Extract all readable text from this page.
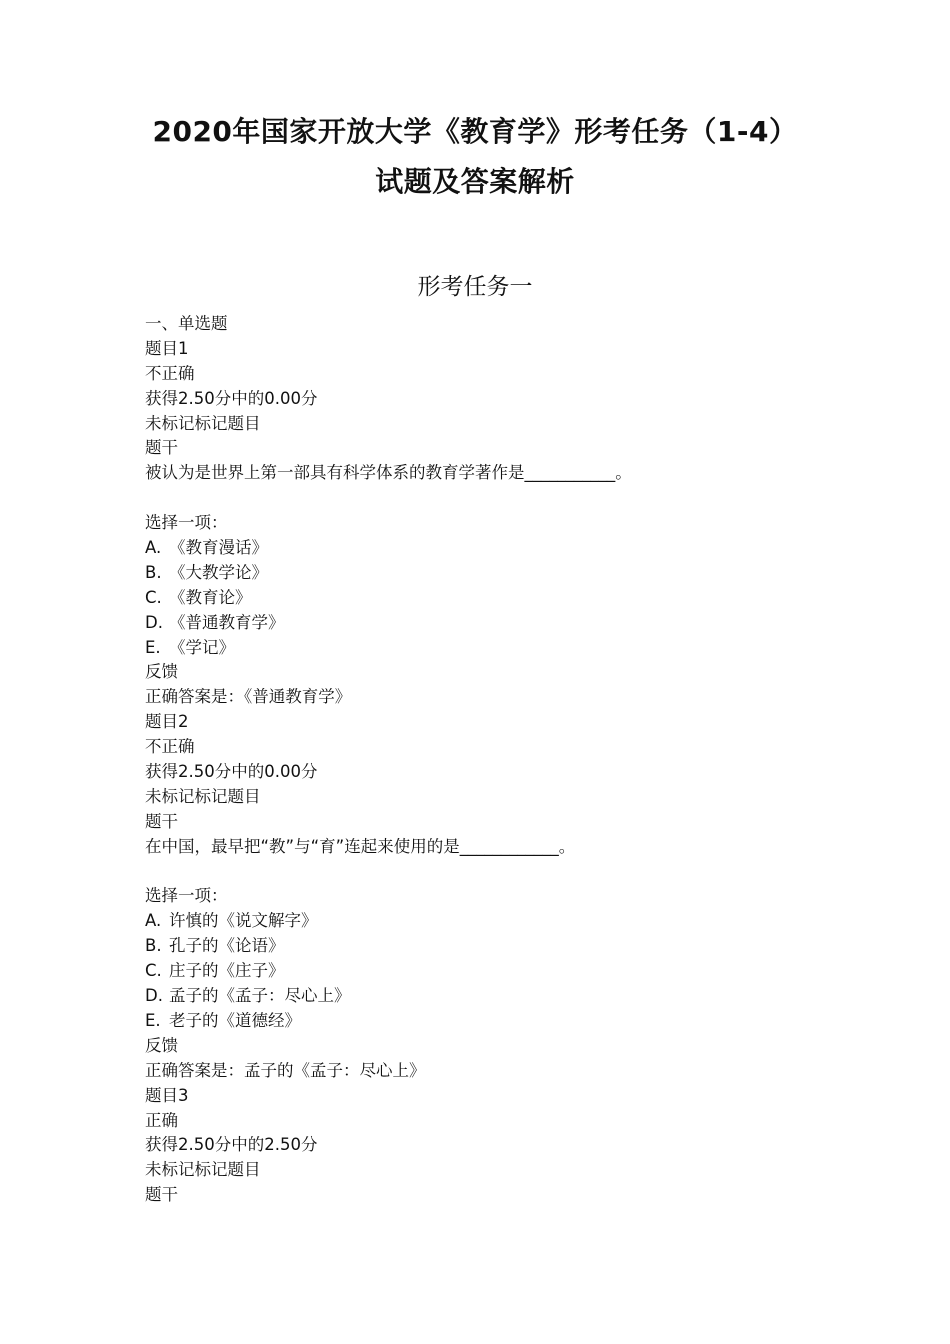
2020年国家开放大学《教育学》形考任务（1-4）
试题及答案解析
形考任务一
一、单选题
题目1
不正确
获得2.50分中的0.00分
未标记标记题目
题干
被认为是世界上第一部具有科学体系的教育学著作是___________。
选择一项：
A. 《教育漫话》
B. 《大教学论》
C. 《教育论》
D. 《普通教育学》
E. 《学记》
反馈
正确答案是：《普通教育学》
题目2
不正确
获得2.50分中的0.00分
未标记标记题目
题干
在中国，最早把“教”与“育”连起来使用的是____________。
选择一项：
A. 许慎的《说文解字》
B. 孔子的《论语》
C. 庄子的《庄子》
D. 孟子的《孟子：尽心上》
E. 老子的《道德经》
反馈
正确答案是：孟子的《孟子：尽心上》
题目3
正确
获得2.50分中的2.50分
未标记标记题目
题干
